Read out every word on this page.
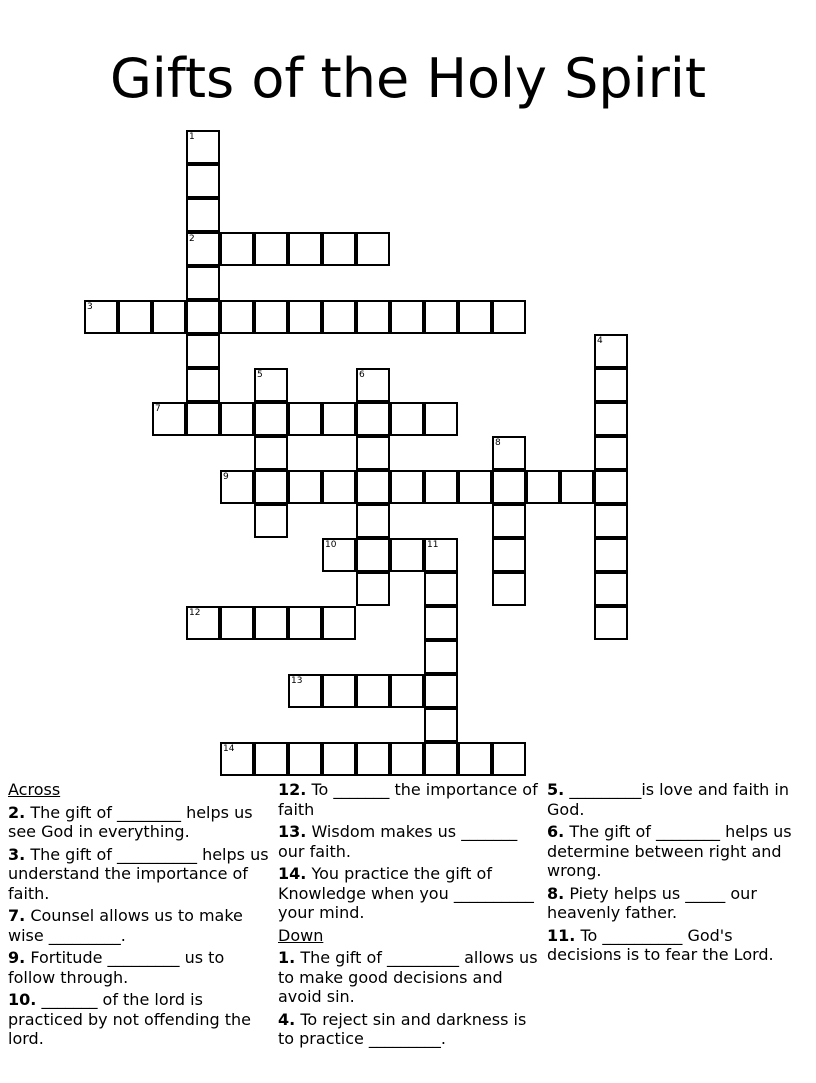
Gifts of the Holy Spirit
1
2
3
4
5	6
7
8
9
10	11
12
13
14
Across
2. The gift of ________ helps us see God in everything.
3. The gift of __________ helps us understand the importance of faith.
7. Counsel allows us to make wise _________.
9. Fortitude _________ us to follow through.
10. _______ of the lord is practiced by not offending the lord.
12. To _______ the importance of faith
13. Wisdom makes us _______ our faith.
14. You practice the gift of Knowledge when you __________ your mind.
Down
1. The gift of _________ allows us to make good decisions and avoid sin.
4. To reject sin and darkness is to practice _________.
5. _________is love and faith in God.
6. The gift of ________ helps us determine between right and wrong.
8. Piety helps us _____ our heavenly father.
11. To __________ God's decisions is to fear the Lord.
